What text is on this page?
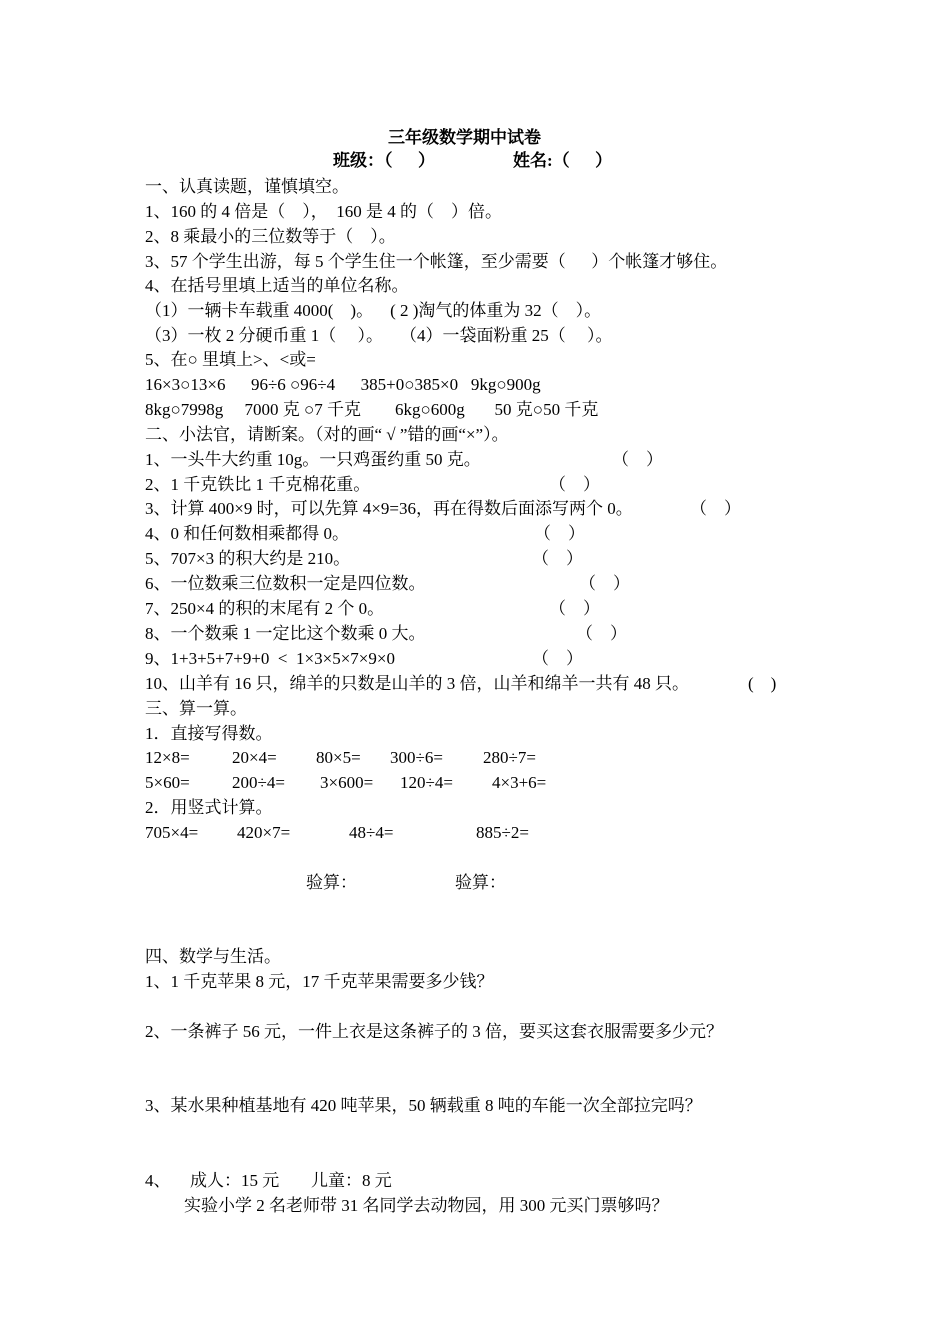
三年级数学期中试卷
班级：（      ）	姓名:（      ）
一、认真读题，谨慎填空。
1、160 的 4 倍是（    ），  160 是 4 的（    ）倍。
2、8 乘最小的三位数等于（    ）。
3、57 个学生出游，每 5 个学生住一个帐篷，至少需要（      ）个帐篷才够住。
4、在括号里填上适当的单位名称。
（1）一辆卡车载重 4000(    )。    ( 2 )淘气的体重为 32（    ）。
（3）一枚 2 分硬币重 1（     ）。    （4）一袋面粉重 25（     ）。
5、在○ 里填上>、<或=
16×3○13×6      96÷6 ○96÷4      385+0○385×0   9kg○900g
8kg○7998g     7000 克 ○7 千克        6kg○600g       50 克○50 千克
二、小法官，请断案。（对的画“ √ ”错的画“×”）。
1、一头牛大约重 10g。一只鸡蛋约重 50 克。	（    ）
2、1 千克铁比 1 千克棉花重。	（    ）
3、计算 400×9 时，可以先算 4×9=36，再在得数后面添写两个 0。	（    ）
4、0 和任何数相乘都得 0。	（    ）
5、707×3 的积大约是 210。	（    ）
6、一位数乘三位数积一定是四位数。	（    ）
7、250×4 的积的末尾有 2 个 0。	（    ）
8、一个数乘 1 一定比这个数乘 0 大。	（    ）
9、1+3+5+7+9+0  <  1×3×5×7×9×0	（    ）
10、山羊有 16 只，绵羊的只数是山羊的 3 倍，山羊和绵羊一共有 48 只。	(    )
三、算一算。
1．直接写得数。
12×8= 20×4= 80×5= 300÷6= 280÷7=
5×60= 200÷4= 3×600= 120÷4= 4×3+6=
2．用竖式计算。
705×4= 420×7=	48÷4=	885÷2=
验算：	验算：
四、数学与生活。
1、1 千克苹果 8 元，17 千克苹果需要多少钱？
2、一条裤子 56 元，一件上衣是这条裤子的 3 倍，要买这套衣服需要多少元？
3、某水果种植基地有 420 吨苹果，50 辆载重 8 吨的车能一次全部拉完吗？
4、 成人：15 元 儿童：8 元
实验小学 2 名老师带 31 名同学去动物园，用 300 元买门票够吗？
